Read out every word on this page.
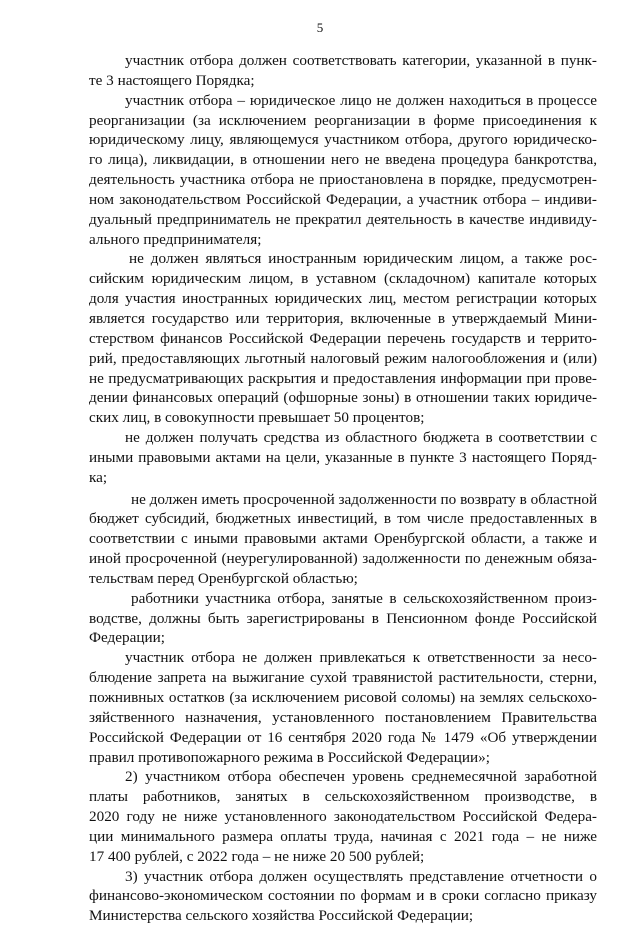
5
участник отбора должен соответствовать категории, указанной в пунк-
те 3 настоящего Порядка;
участник отбора – юридическое лицо не должен находиться в процессе
реорганизации (за исключением реорганизации в форме присоединения к
юридическому лицу, являющемуся участником отбора, другого юридическо-
го лица), ликвидации, в отношении него не введена процедура банкротства,
деятельность участника отбора не приостановлена в порядке, предусмотрен-
ном законодательством Российской Федерации, а участник отбора – индиви-
дуальный предприниматель не прекратил деятельность в качестве индивиду-
ального предпринимателя;
не должен являться иностранным юридическим лицом, а также рос-
сийским юридическим лицом, в уставном (складочном) капитале которых
доля участия иностранных юридических лиц, местом регистрации которых
является государство или территория, включенные в утверждаемый Мини-
стерством финансов Российской Федерации перечень государств и террито-
рий, предоставляющих льготный налоговый режим налогообложения и (или)
не предусматривающих раскрытия и предоставления информации при прове-
дении финансовых операций (офшорные зоны) в отношении таких юридиче-
ских лиц, в совокупности превышает 50 процентов;
не должен получать средства из областного бюджета в соответствии с
иными правовыми актами на цели, указанные в пункте 3 настоящего Поряд-
ка;
не должен иметь просроченной задолженности по возврату в областной
бюджет субсидий, бюджетных инвестиций, в том числе предоставленных в
соответствии с иными правовыми актами Оренбургской области, а также и
иной просроченной (неурегулированной) задолженности по денежным обяза-
тельствам перед Оренбургской областью;
работники участника отбора, занятые в сельскохозяйственном произ-
водстве, должны быть зарегистрированы в Пенсионном фонде Российской
Федерации;
участник отбора не должен привлекаться к ответственности за несо-
блюдение запрета на выжигание сухой травянистой растительности, стерни,
пожнивных остатков (за исключением рисовой соломы) на землях сельскохо-
зяйственного назначения, установленного постановлением Правительства
Российской Федерации от 16 сентября 2020 года № 1479 «Об утверждении
правил противопожарного режима в Российской Федерации»;
2) участником отбора обеспечен уровень среднемесячной заработной
платы работников, занятых в сельскохозяйственном производстве, в
2020 году не ниже установленного законодательством Российской Федера-
ции минимального размера оплаты труда, начиная с 2021 года – не ниже
17 400 рублей, с 2022 года – не ниже 20 500 рублей;
3) участник отбора должен осуществлять представление отчетности о
финансово-экономическом состоянии по формам и в сроки согласно приказу
Министерства сельского хозяйства Российской Федерации;
